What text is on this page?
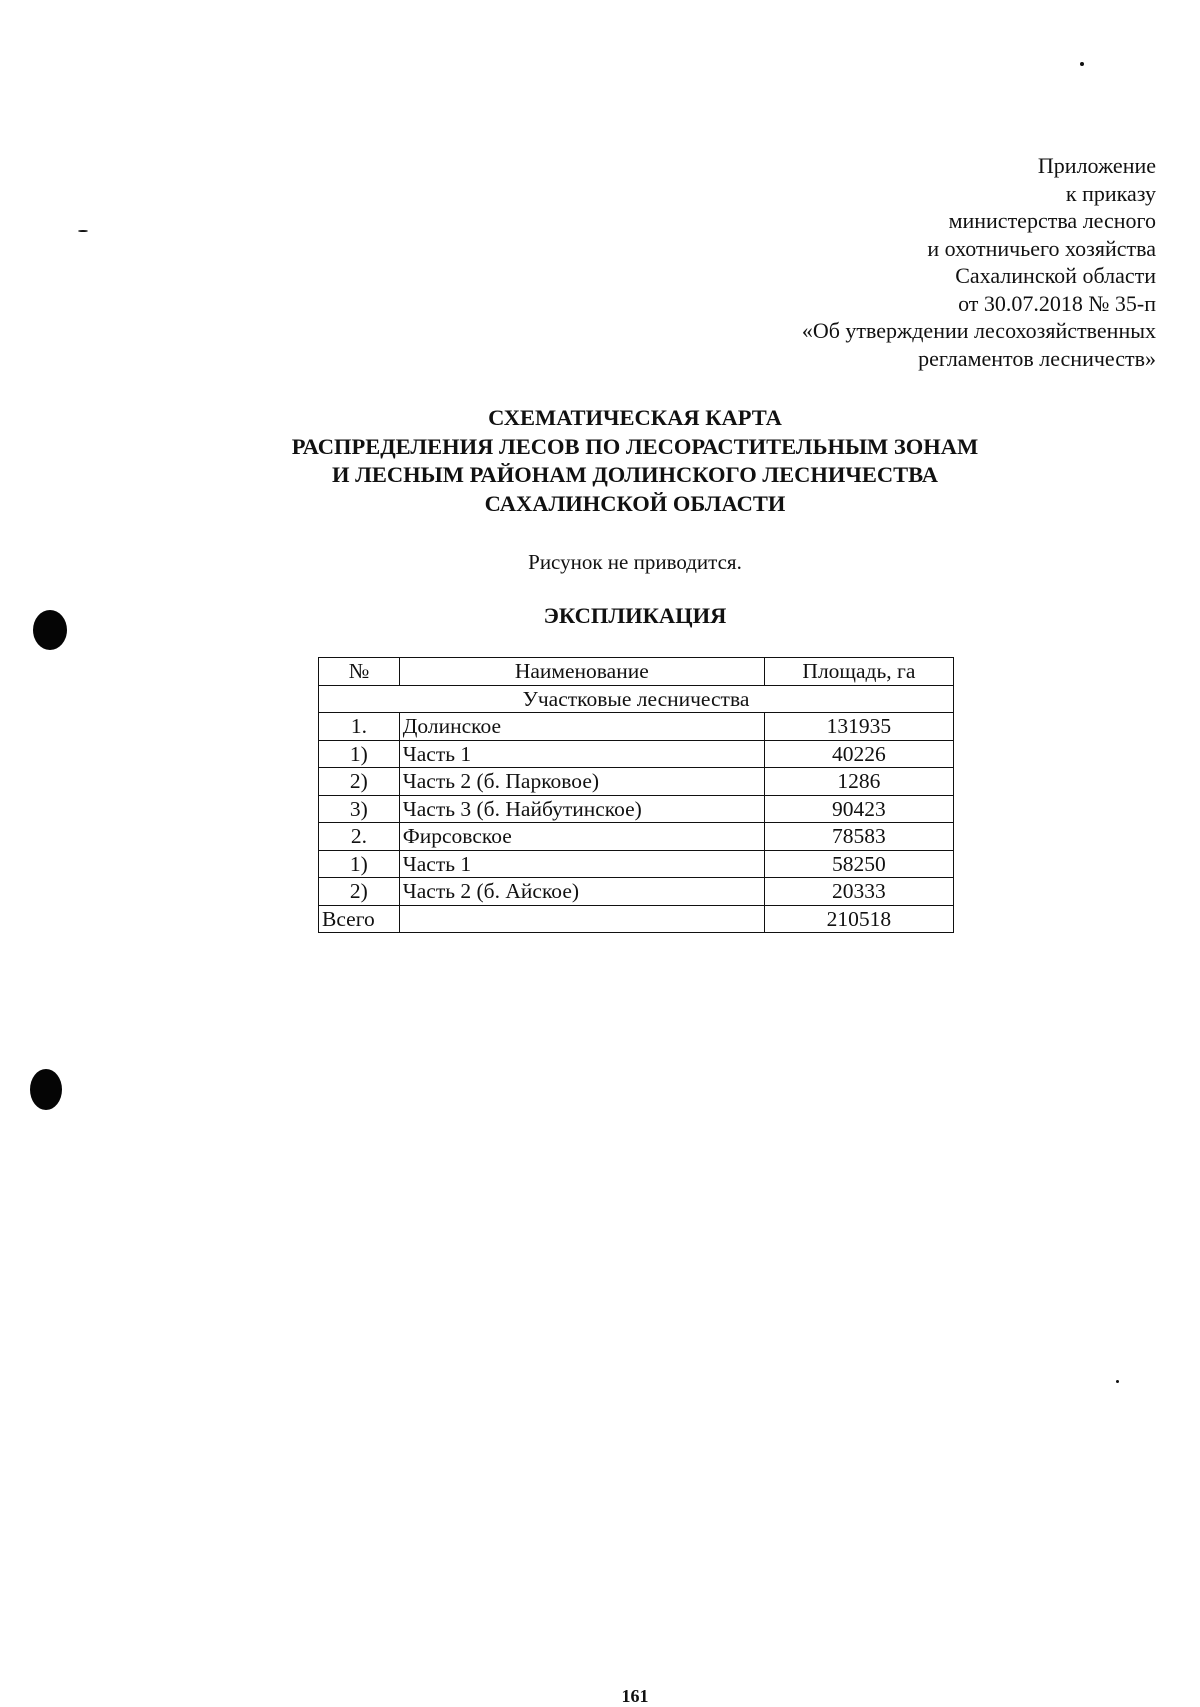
Приложение
к приказу
министерства лесного
и охотничьего хозяйства
Сахалинской области
от 30.07.2018 № 35-п
«Об утверждении лесохозяйственных
регламентов лесничеств»
СХЕМАТИЧЕСКАЯ КАРТА
РАСПРЕДЕЛЕНИЯ ЛЕСОВ ПО ЛЕСОРАСТИТЕЛЬНЫМ ЗОНАМ
И ЛЕСНЫМ РАЙОНАМ ДОЛИНСКОГО ЛЕСНИЧЕСТВА
САХАЛИНСКОЙ ОБЛАСТИ
Рисунок не приводится.
ЭКСПЛИКАЦИЯ
№	Наименование	Площадь, га
Участковые лесничества		
1.	Долинское	131935
1)	Часть 1	40226
2)	Часть 2 (б. Парковое)	1286
3)	Часть 3 (б. Найбутинское)	90423
2.	Фирсовское	78583
1)	Часть 1	58250
2)	Часть 2 (б. Айское)	20333
Всего		210518
161
